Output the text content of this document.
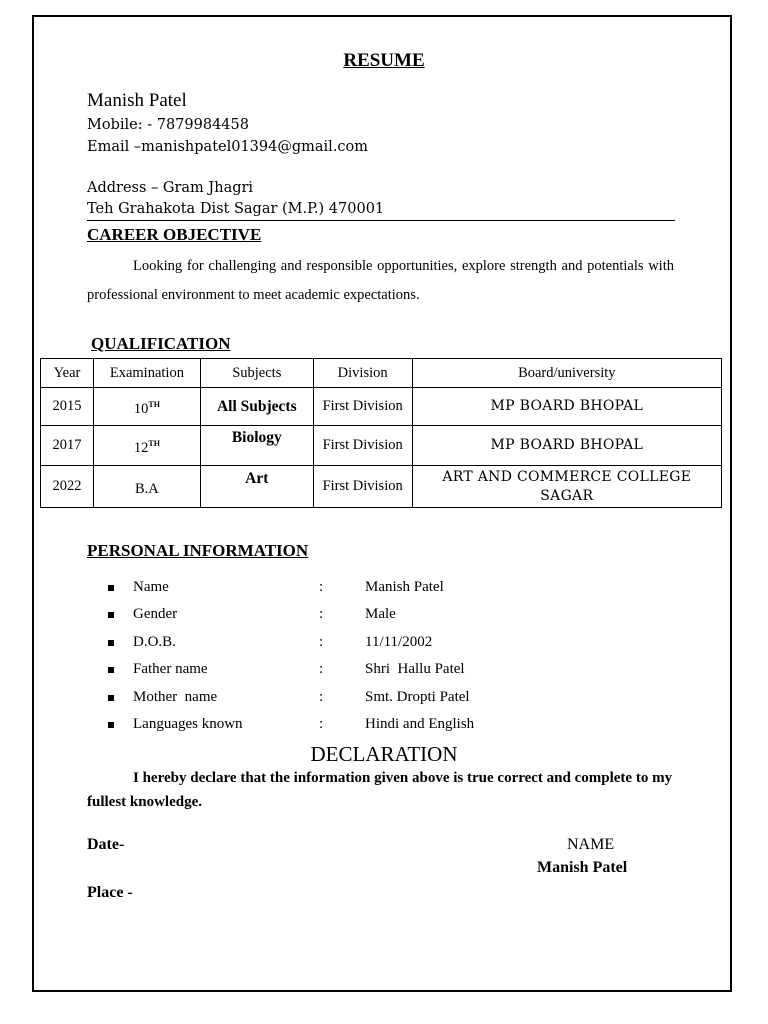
RESUME
Manish Patel
Mobile: - 7879984458
Email –manishpatel01394@gmail.com
Address – Gram Jhagri
Teh Grahakota Dist Sagar (M.P.) 470001
CAREER OBJECTIVE
Looking for challenging and responsible opportunities, explore strength and potentials with professional environment to meet academic expectations.
QUALIFICATION
Year	Examination	Subjects	Division	Board/university
2015	10TH	All Subjects	First Division	MP BOARD BHOPAL
2017	12TH	Biology	First Division	MP BOARD BHOPAL
2022	B.A	Art	First Division	ART AND COMMERCE COLLEGE SAGAR
PERSONAL INFORMATION
Name	:	Manish Patel
Gender	:	Male
D.O.B.	:	11/11/2002
Father name	:	Shri  Hallu Patel
Mother  name	:	Smt. Dropti Patel
Languages known	:	Hindi and English
DECLARATION
I hereby declare that the information given above is true correct and complete to my fullest knowledge.
Date-	NAME
Manish Patel
Place -
